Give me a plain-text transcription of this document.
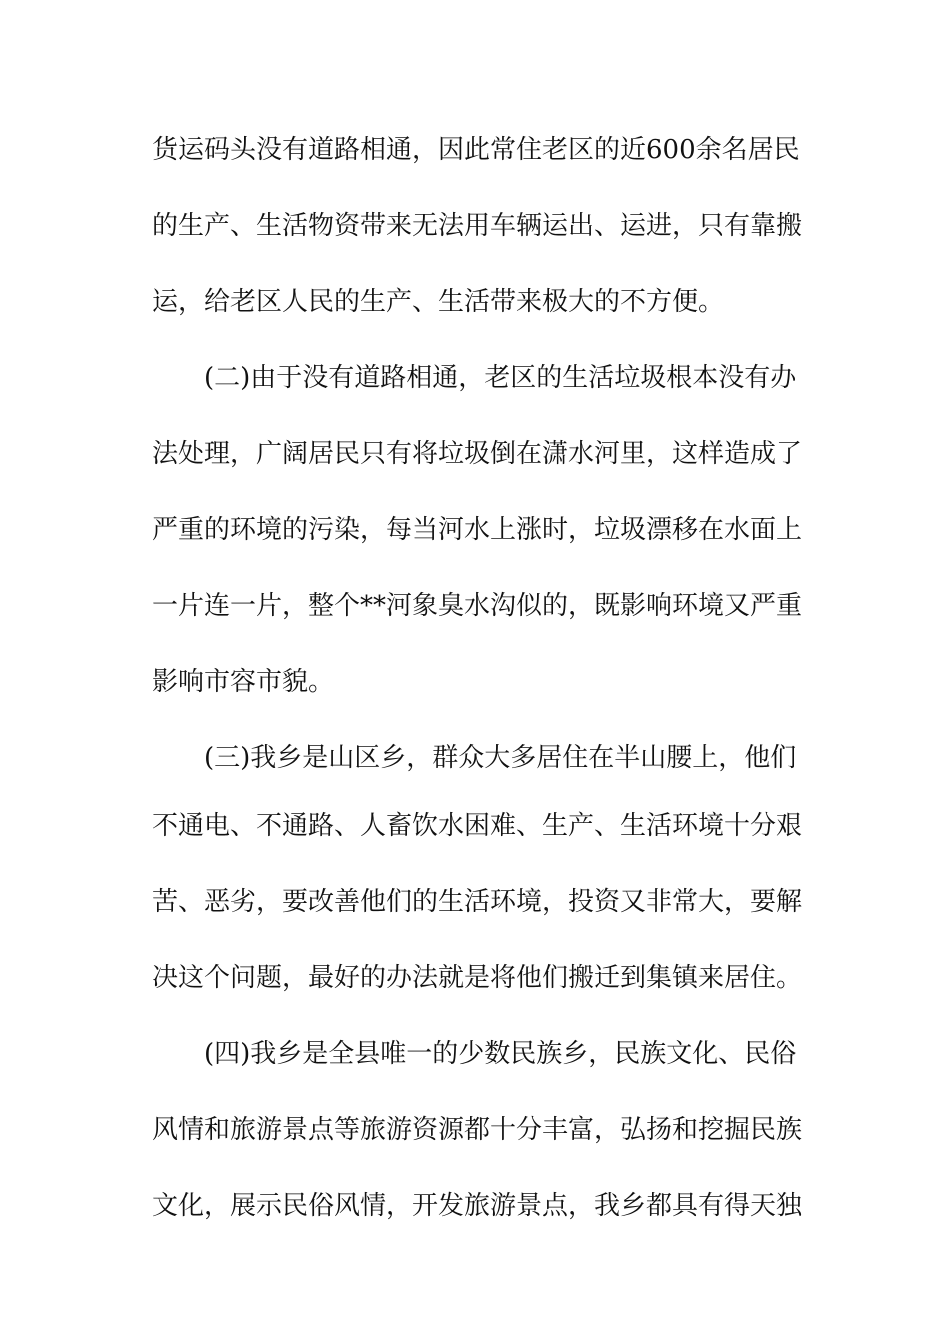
货运码头没有道路相通，因此常住老区的近600余名居民
的生产、生活物资带来无法用车辆运出、运进，只有靠搬
运，给老区人民的生产、生活带来极大的不方便。
(二)由于没有道路相通，老区的生活垃圾根本没有办
法处理，广阔居民只有将垃圾倒在潇水河里，这样造成了
严重的环境的污染，每当河水上涨时，垃圾漂移在水面上
一片连一片，整个**河象臭水沟似的，既影响环境又严重
影响市容市貌。
(三)我乡是山区乡，群众大多居住在半山腰上，他们
不通电、不通路、人畜饮水困难、生产、生活环境十分艰
苦、恶劣，要改善他们的生活环境，投资又非常大，要解
决这个问题，最好的办法就是将他们搬迁到集镇来居住。
(四)我乡是全县唯一的少数民族乡，民族文化、民俗
风情和旅游景点等旅游资源都十分丰富，弘扬和挖掘民族
文化，展示民俗风情，开发旅游景点，我乡都具有得天独
